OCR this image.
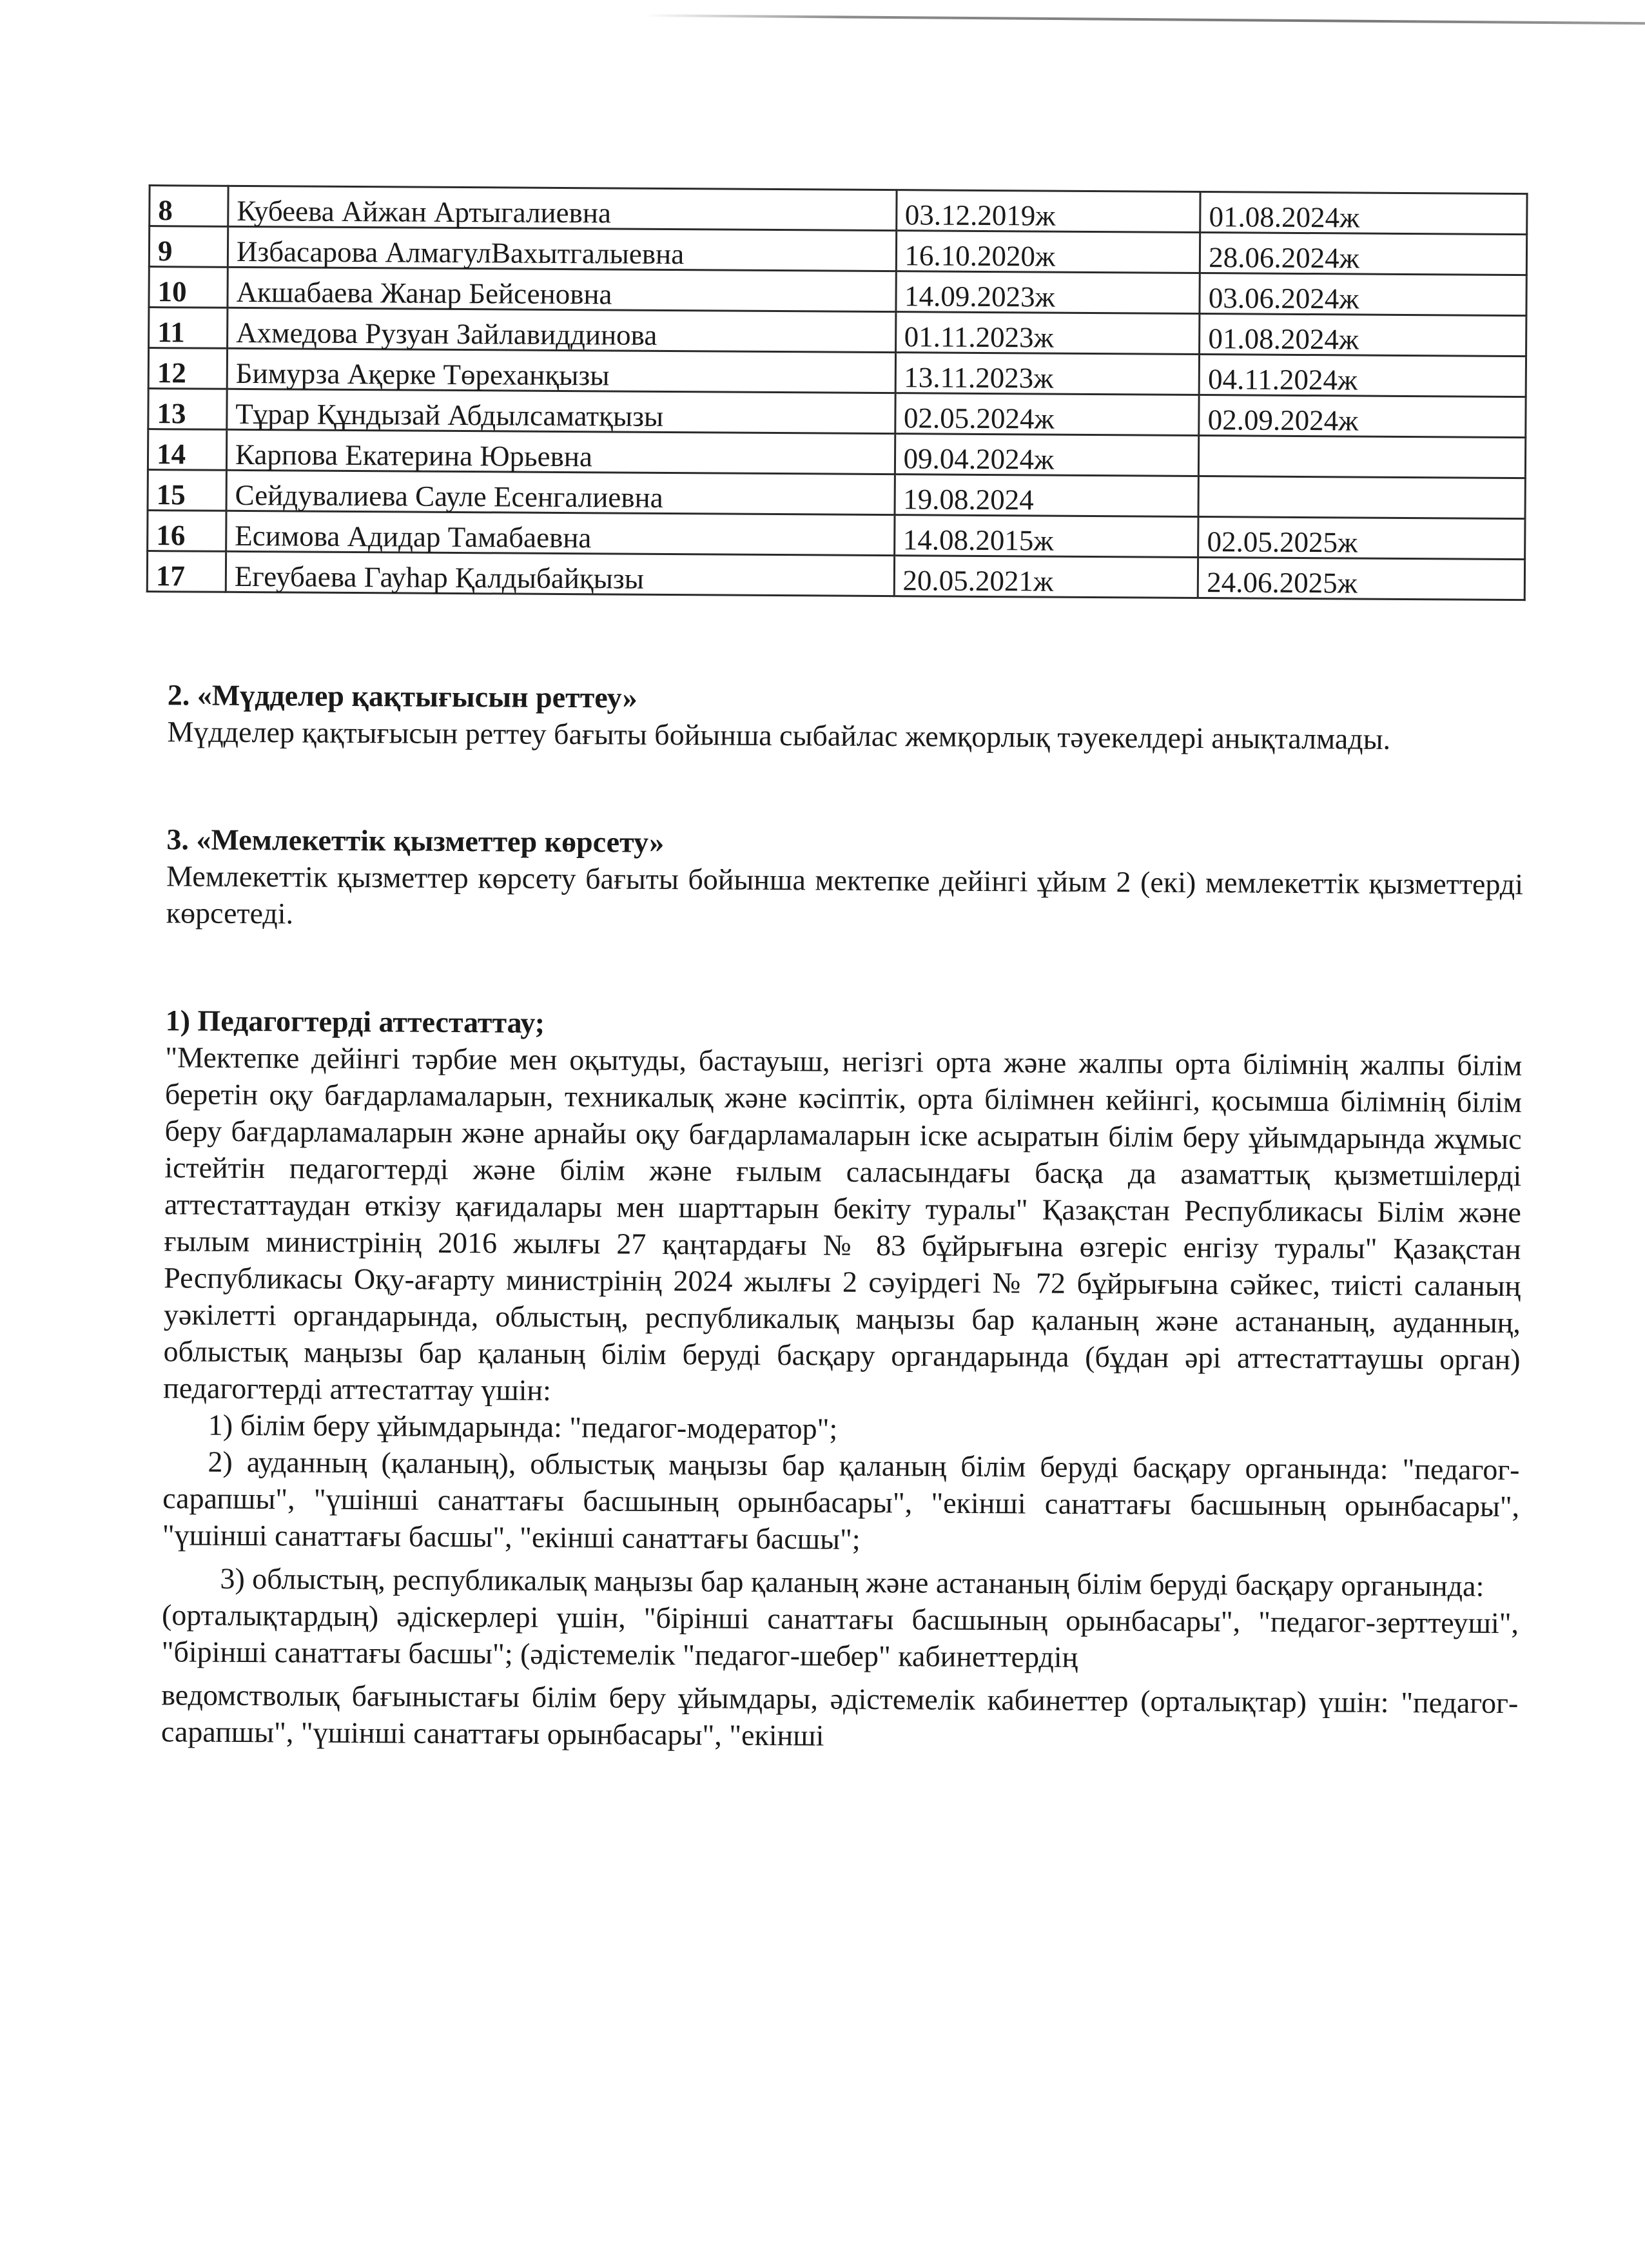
8	Кубеева Айжан Артыгалиевна	03.12.2019ж	01.08.2024ж
9	Избасарова АлмагулВахытгалыевна	16.10.2020ж	28.06.2024ж
10	Акшабаева Жанар Бейсеновна	14.09.2023ж	03.06.2024ж
11	Ахмедова Рузуан Зайлавиддинова	01.11.2023ж	01.08.2024ж
12	Бимурза Ақерке Төреханқызы	13.11.2023ж	04.11.2024ж
13	Тұрар Құндызай Абдылсаматқызы	02.05.2024ж	02.09.2024ж
14	Карпова Екатерина Юрьевна	09.04.2024ж	
15	Сейдувалиева Сауле Есенгалиевна	19.08.2024	
16	Есимова Адидар Тамабаевна	14.08.2015ж	02.05.2025ж
17	Егеубаева Гауһар Қалдыбайқызы	20.05.2021ж	24.06.2025ж
2. «Мүдделер қақтығысын реттеу»

Мүдделер қақтығысын реттеу бағыты бойынша сыбайлас жемқорлық тәуекелдері анықталмады.

3. «Мемлекеттік қызметтер көрсету»

Мемлекеттік қызметтер көрсету бағыты бойынша мектепке дейінгі ұйым 2 (екі) мемлекеттік қызметтерді көрсетеді.

1) Педагогтерді аттестаттау;

"Мектепке дейінгі тәрбие мен оқытуды, бастауыш, негізгі орта және жалпы орта білімнің жалпы білім беретін оқу бағдарламаларын, техникалық және кәсіптік, орта білімнен кейінгі, қосымша білімнің білім беру бағдарламаларын және арнайы оқу бағдарламаларын іске асыратын білім беру ұйымдарында жұмыс істейтін педагогтерді және білім және ғылым саласындағы басқа да азаматтық қызметшілерді аттестаттаудан өткізу қағидалары мен шарттарын бекіту туралы" Қазақстан Республикасы Білім және ғылым министрінің 2016 жылғы 27 қаңтардағы № 83 бұйрығына өзгеріс енгізу туралы" Қазақстан Республикасы Оқу-ағарту министрінің 2024 жылғы 2 сәуірдегі № 72 бұйрығына сәйкес, тиісті саланың уәкілетті органдарында, облыстың, республикалық маңызы бар қаланың және астананың, ауданның, облыстық маңызы бар қаланың білім беруді басқару органдарында (бұдан әрі аттестаттаушы орган) педагогтерді аттестаттау үшін:

1) білім беру ұйымдарында: "педагог-модератор";

2) ауданның (қаланың), облыстық маңызы бар қаланың білім беруді басқару органында: "педагог-сарапшы", "үшінші санаттағы басшының орынбасары", "екінші санаттағы басшының орынбасары", "үшінші санаттағы басшы", "екінші санаттағы басшы";

3) облыстың, республикалық маңызы бар қаланың және астананың білім беруді басқару органында:

(орталықтардың) әдіскерлері үшін, "бірінші санаттағы басшының орынбасары", "педагог-зерттеуші", "бірінші санаттағы басшы"; (әдістемелік "педагог-шебер" кабинеттердің

ведомстволық бағыныстағы білім беру ұйымдары, әдістемелік кабинеттер (орталықтар) үшін: "педагог-сарапшы", "үшінші санаттағы орынбасары", "екінші
